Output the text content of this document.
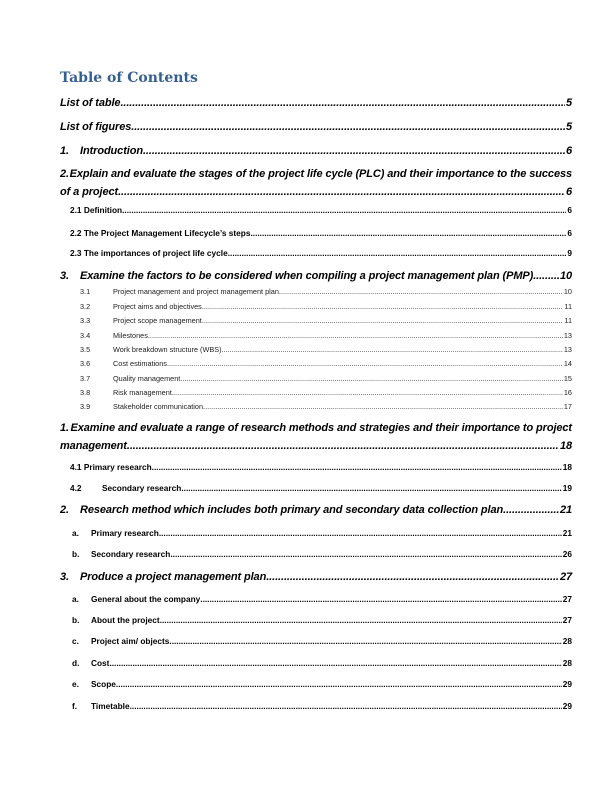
Table of Contents
List of table .....	5
List of figures .....	5
1.	Introduction .....	6
2. Explain and evaluate the stages of the project life cycle (PLC) and their importance to the success
of a project .....	6
2.1 Definition .....	6
2.2 The Project Management Lifecycle’s steps .....	6
2.3 The importances of project life cycle .....	9
3.	Examine the factors to be considered when compiling a project management plan (PMP) ..... 10
3.1	Project management and project management plan .....	10
3.2	Project aims and objectives .....	11
3.3	Project scope management .....	11
3.4	Milestones .....	13
3.5	Work breakdown structure (WBS) .....	13
3.6	Cost estimations .....	14
3.7	Quality management .....	15
3.8	Risk management .....	16
3.9	Stakeholder communication .....	17
1. Examine and evaluate a range of research methods and strategies and their importance to project
management .....	18
4.1 Primary research .....	18
4.2	Secondary research .....	19
2.	Research method which includes both primary and secondary data collection plan .....	21
a.	Primary research .....	21
b.	Secondary research .....	26
3.	Produce a project management plan .....	27
a.	General about the company .....	27
b.	About the project .....	27
c.	Project aim/ objects .....	28
d.	Cost .....	28
e.	Scope .....	29
f.	Timetable .....	29
